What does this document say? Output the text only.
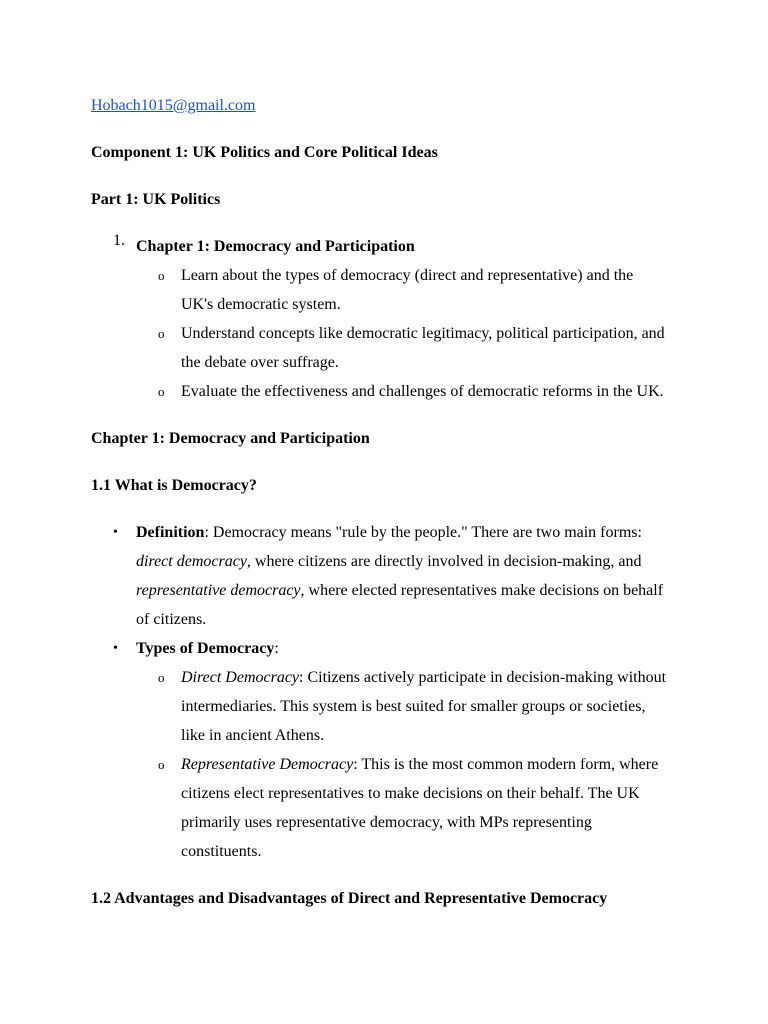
Hobach1015@gmail.com
Component 1: UK Politics and Core Political Ideas
Part 1: UK Politics
1. Chapter 1: Democracy and Participation
o Learn about the types of democracy (direct and representative) and the
UK's democratic system.
o Understand concepts like democratic legitimacy, political participation, and
the debate over suffrage.
o Evaluate the effectiveness and challenges of democratic reforms in the UK.
Chapter 1: Democracy and Participation
1.1 What is Democracy?
• Definition: Democracy means "rule by the people." There are two main forms:
direct democracy, where citizens are directly involved in decision-making, and
representative democracy, where elected representatives make decisions on behalf
of citizens.
• Types of Democracy:
o Direct Democracy: Citizens actively participate in decision-making without
intermediaries. This system is best suited for smaller groups or societies,
like in ancient Athens.
o Representative Democracy: This is the most common modern form, where
citizens elect representatives to make decisions on their behalf. The UK
primarily uses representative democracy, with MPs representing
constituents.
1.2 Advantages and Disadvantages of Direct and Representative Democracy
